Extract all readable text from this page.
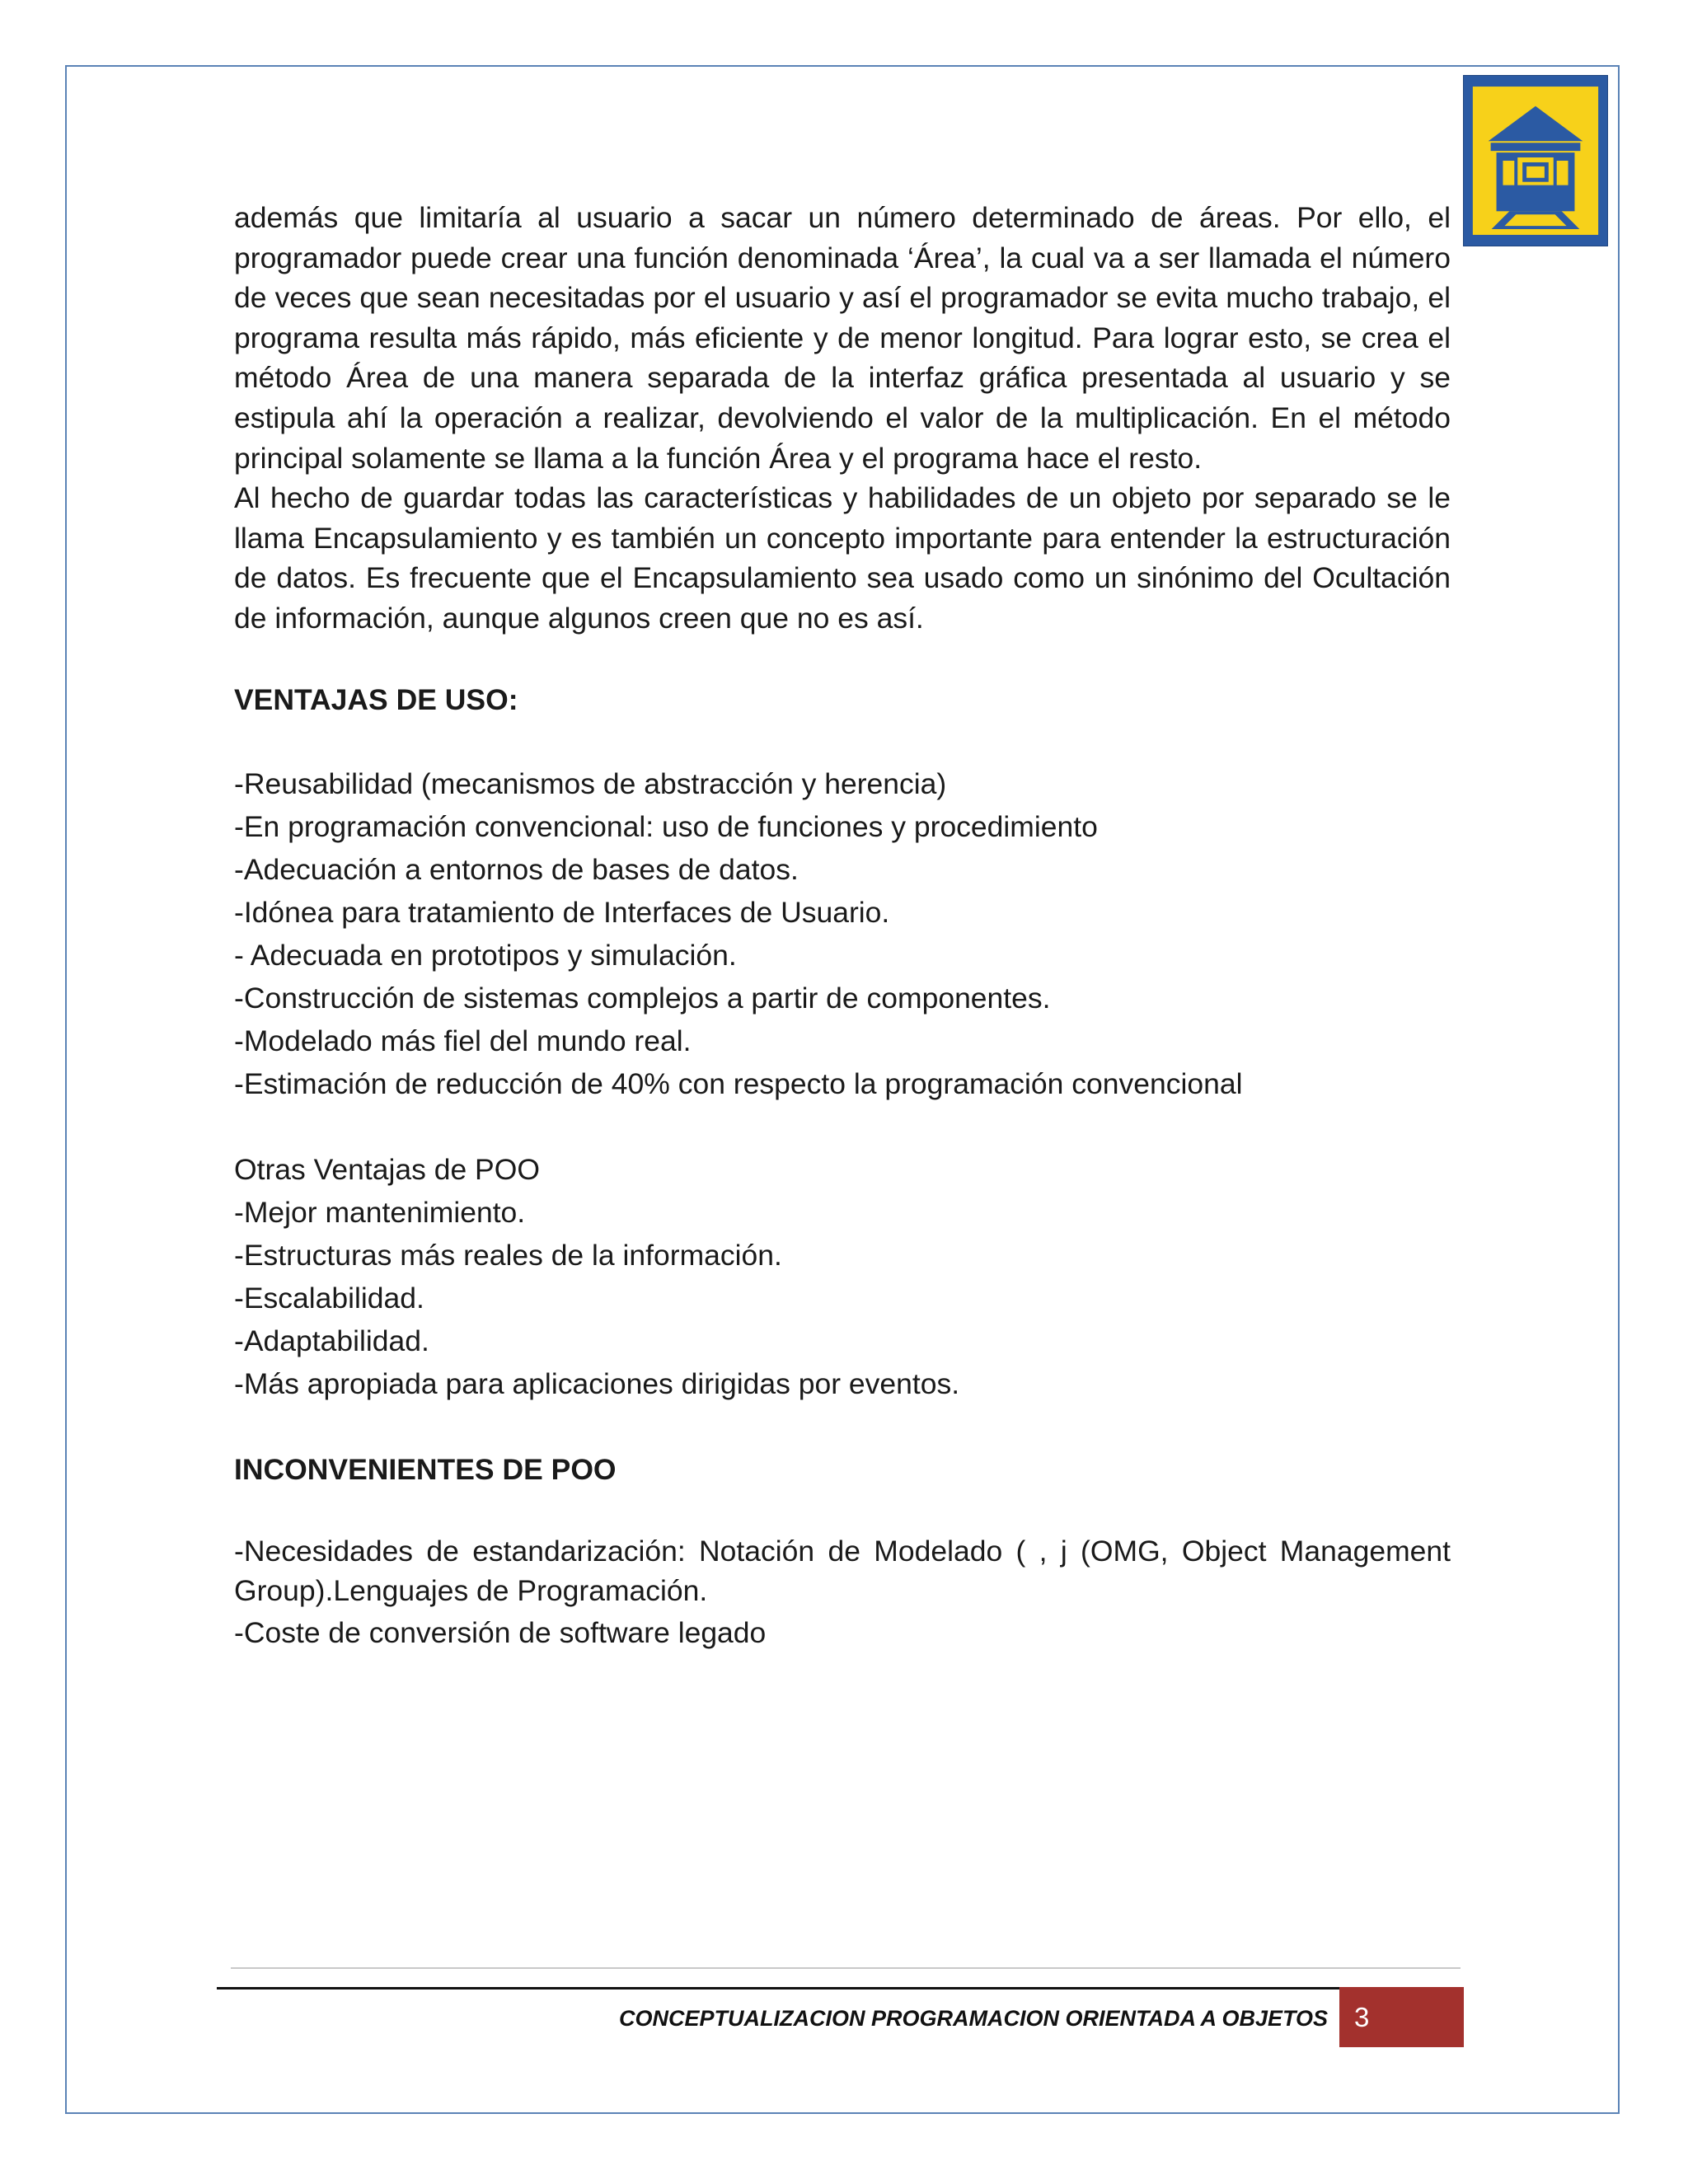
además que limitaría al usuario a sacar un número determinado de áreas. Por ello, el programador puede crear una función denominada ‘Área’, la cual va a ser llamada el número de veces que sean necesitadas por el usuario y así el programador se evita mucho trabajo, el programa resulta más rápido, más eficiente y de menor longitud. Para lograr esto, se crea el método Área de una manera separada de la interfaz gráfica presentada al usuario y se estipula ahí la operación a realizar, devolviendo el valor de la multiplicación. En el método principal solamente se llama a la función Área y el programa hace el resto.

Al hecho de guardar todas las características y habilidades de un objeto por separado se le llama Encapsulamiento y es también un concepto importante para entender la estructuración de datos. Es frecuente que el Encapsulamiento sea usado como un sinónimo del Ocultación de información, aunque algunos creen que no es así.

VENTAJAS DE USO:

-Reusabilidad (mecanismos de abstracción y herencia)
-En programación convencional: uso de funciones y procedimiento
-Adecuación a entornos de bases de datos.
-Idónea para tratamiento de Interfaces de Usuario.
- Adecuada en prototipos y simulación.
-Construcción de sistemas complejos a partir de componentes.
-Modelado más fiel del mundo real.
-Estimación de reducción de 40% con respecto la programación convencional

Otras Ventajas de POO

-Mejor mantenimiento.
-Estructuras más reales de la información.
-Escalabilidad.
-Adaptabilidad.
-Más apropiada para aplicaciones dirigidas por eventos.

INCONVENIENTES DE POO

-Necesidades de estandarización: Notación de Modelado ( , j (OMG, Object Management Group).Lenguajes de Programación.

-Coste de conversión de software legado

CONCEPTUALIZACION PROGRAMACION ORIENTADA A OBJETOS 3
